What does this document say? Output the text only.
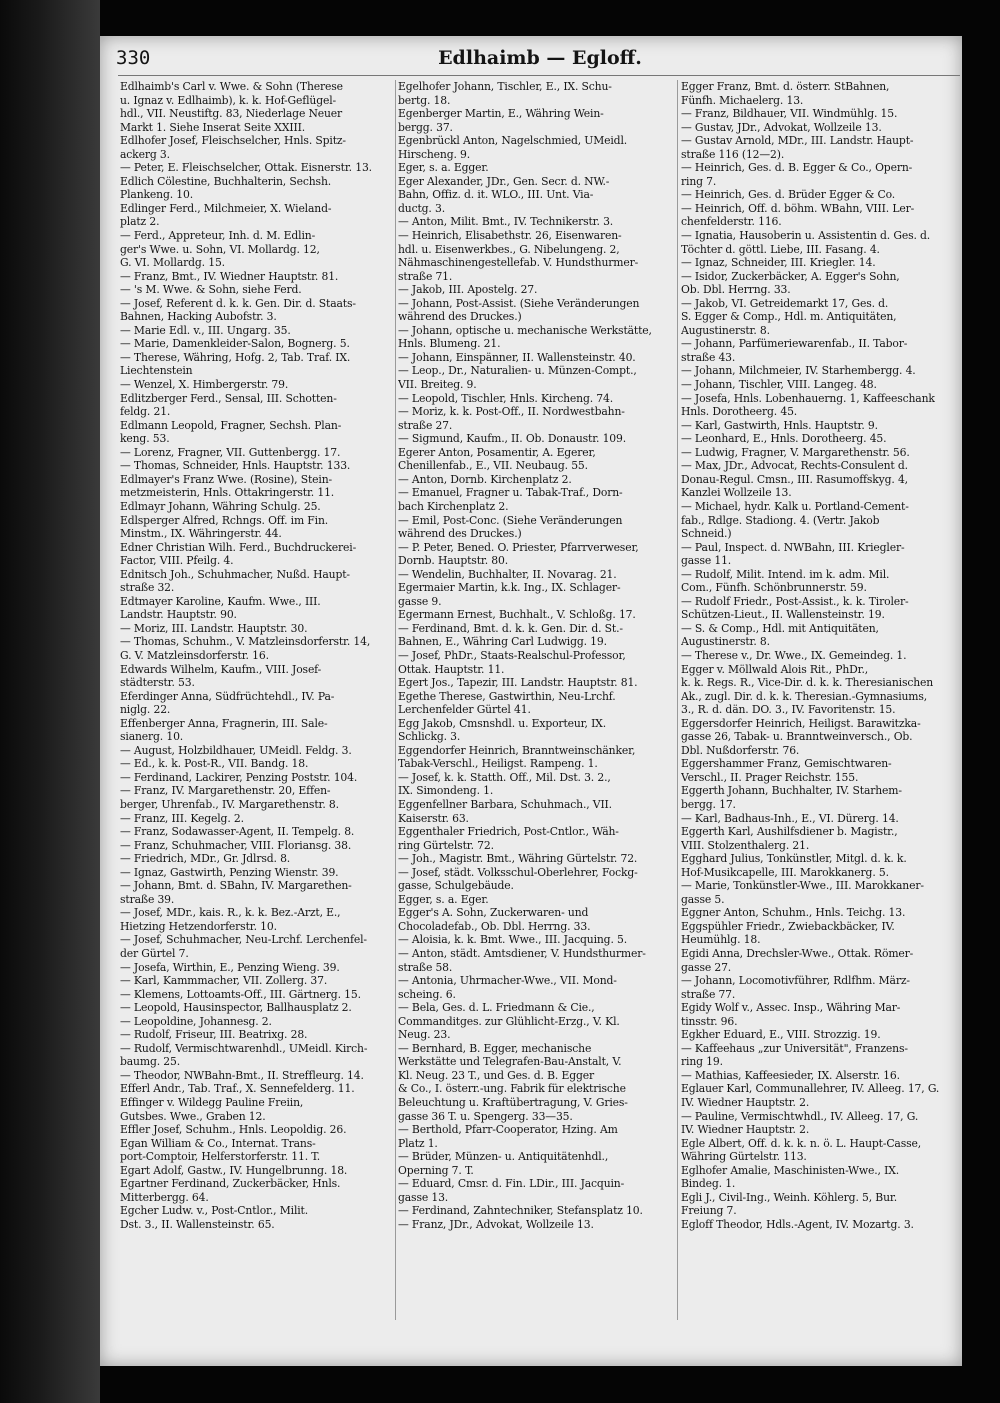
330	Edlhaimb — Egloff.
Edlhaimb's Carl v. Wwe. & Sohn (Therese
u. Ignaz v. Edlhaimb), k. k. Hof-Geflügel-
hdl., VII. Neustiftg. 83, Niederlage Neuer
Markt 1. Siehe Inserat Seite XXIII.
Edlhofer Josef, Fleischselcher, Hnls. Spitz-
ackerg 3.
— Peter, E. Fleischselcher, Ottak. Eisnerstr. 13.
Edlich Cölestine, Buchhalterin, Sechsh.
Plankeng. 10.
Edlinger Ferd., Milchmeier, X. Wieland-
platz 2.
— Ferd., Appreteur, Inh. d. M. Edlin-
ger's Wwe. u. Sohn, VI. Mollardg. 12,
G. VI. Mollardg. 15.
— Franz, Bmt., IV. Wiedner Hauptstr. 81.
— 's M. Wwe. & Sohn, siehe Ferd.
— Josef, Referent d. k. k. Gen. Dir. d. Staats-
Bahnen, Hacking Aubofstr. 3.
— Marie Edl. v., III. Ungarg. 35.
— Marie, Damenkleider-Salon, Bognerg. 5.
— Therese, Währing, Hofg. 2, Tab. Traf. IX.
Liechtenstein
— Wenzel, X. Himbergerstr. 79.
Edlitzberger Ferd., Sensal, III. Schotten-
feldg. 21.
Edlmann Leopold, Fragner, Sechsh. Plan-
keng. 53.
— Lorenz, Fragner, VII. Guttenbergg. 17.
— Thomas, Schneider, Hnls. Hauptstr. 133.
Edlmayer's Franz Wwe. (Rosine), Stein-
metzmeisterin, Hnls. Ottakringerstr. 11.
Edlmayr Johann, Währing Schulg. 25.
Edlsperger Alfred, Rchngs. Off. im Fin.
Minstm., IX. Währingerstr. 44.
Edner Christian Wilh. Ferd., Buchdruckerei-
Factor, VIII. Pfeilg. 4.
Ednitsch Joh., Schuhmacher, Nußd. Haupt-
straße 32.
Edtmayer Karoline, Kaufm. Wwe., III.
Landstr. Hauptstr. 90.
— Moriz, III. Landstr. Hauptstr. 30.
— Thomas, Schuhm., V. Matzleinsdorferstr. 14,
G. V. Matzleinsdorferstr. 16.
Edwards Wilhelm, Kaufm., VIII. Josef-
städterstr. 53.
Eferdinger Anna, Südfrüchtehdl., IV. Pa-
niglg. 22.
Effenberger Anna, Fragnerin, III. Sale-
sianerg. 10.
— August, Holzbildhauer, UMeidl. Feldg. 3.
— Ed., k. k. Post-R., VII. Bandg. 18.
— Ferdinand, Lackirer, Penzing Poststr. 104.
— Franz, IV. Margarethenstr. 20, Effen-
berger, Uhrenfab., IV. Margarethenstr. 8.
— Franz, III. Kegelg. 2.
— Franz, Sodawasser-Agent, II. Tempelg. 8.
— Franz, Schuhmacher, VIII. Floriansg. 38.
— Friedrich, MDr., Gr. Jdlrsd. 8.
— Ignaz, Gastwirth, Penzing Wienstr. 39.
— Johann, Bmt. d. SBahn, IV. Margarethen-
straße 39.
— Josef, MDr., kais. R., k. k. Bez.-Arzt, E.,
Hietzing Hetzendorferstr. 10.
— Josef, Schuhmacher, Neu-Lrchf. Lerchenfel-
der Gürtel 7.
— Josefa, Wirthin, E., Penzing Wieng. 39.
— Karl, Kammmacher, VII. Zollerg. 37.
— Klemens, Lottoamts-Off., III. Gärtnerg. 15.
— Leopold, Hausinspector, Ballhausplatz 2.
— Leopoldine, Johannesg. 2.
— Rudolf, Friseur, III. Beatrixg. 28.
— Rudolf, Vermischtwarenhdl., UMeidl. Kirch-
baumg. 25.
— Theodor, NWBahn-Bmt., II. Streffleurg. 14.
Efferl Andr., Tab. Traf., X. Sennefelderg. 11.
Effinger v. Wildegg Pauline Freiin,
Gutsbes. Wwe., Graben 12.
Effler Josef, Schuhm., Hnls. Leopoldig. 26.
Egan William & Co., Internat. Trans-
port-Comptoir, Helferstorferstr. 11. T.
Egart Adolf, Gastw., IV. Hungelbrunng. 18.
Egartner Ferdinand, Zuckerbäcker, Hnls.
Mitterbergg. 64.
Egcher Ludw. v., Post-Cntlor., Milit.
Dst. 3., II. Wallensteinstr. 65.
Egelhofer Johann, Tischler, E., IX. Schu-
bertg. 18.
Egenberger Martin, E., Währing Wein-
bergg. 37.
Egenbrückl Anton, Nagelschmied, UMeidl.
Hirscheng. 9.
Eger, s. a. Egger.
Eger Alexander, JDr., Gen. Secr. d. NW.-
Bahn, Offiz. d. it. WLO., III. Unt. Via-
ductg. 3.
— Anton, Milit. Bmt., IV. Technikerstr. 3.
— Heinrich, Elisabethstr. 26, Eisenwaren-
hdl. u. Eisenwerkbes., G. Nibelungeng. 2,
Nähmaschinengestellefab. V. Hundsthurmer-
straße 71.
— Jakob, III. Apostelg. 27.
— Johann, Post-Assist. (Siehe Veränderungen
während des Druckes.)
— Johann, optische u. mechanische Werkstätte,
Hnls. Blumeng. 21.
— Johann, Einspänner, II. Wallensteinstr. 40.
— Leop., Dr., Naturalien- u. Münzen-Compt.,
VII. Breiteg. 9.
— Leopold, Tischler, Hnls. Kircheng. 74.
— Moriz, k. k. Post-Off., II. Nordwestbahn-
straße 27.
— Sigmund, Kaufm., II. Ob. Donaustr. 109.
Egerer Anton, Posamentir, A. Egerer,
Chenillenfab., E., VII. Neubaug. 55.
— Anton, Dornb. Kirchenplatz 2.
— Emanuel, Fragner u. Tabak-Traf., Dorn-
bach Kirchenplatz 2.
— Emil, Post-Conc. (Siehe Veränderungen
während des Druckes.)
— P. Peter, Bened. O. Priester, Pfarrverweser,
Dornb. Hauptstr. 80.
— Wendelin, Buchhalter, II. Novarag. 21.
Egermaier Martin, k.k. Ing., IX. Schlager-
gasse 9.
Egermann Ernest, Buchhalt., V. Schloßg. 17.
— Ferdinand, Bmt. d. k. k. Gen. Dir. d. St.-
Bahnen, E., Währing Carl Ludwigg. 19.
— Josef, PhDr., Staats-Realschul-Professor,
Ottak. Hauptstr. 11.
Egert Jos., Tapezir, III. Landstr. Hauptstr. 81.
Egethe Therese, Gastwirthin, Neu-Lrchf.
Lerchenfelder Gürtel 41.
Egg Jakob, Cmsnshdl. u. Exporteur, IX.
Schlickg. 3.
Eggendorfer Heinrich, Branntweinschänker,
Tabak-Verschl., Heiligst. Rampeng. 1.
— Josef, k. k. Statth. Off., Mil. Dst. 3. 2.,
IX. Simondeng. 1.
Eggenfellner Barbara, Schuhmach., VII.
Kaiserstr. 63.
Eggenthaler Friedrich, Post-Cntlor., Wäh-
ring Gürtelstr. 72.
— Joh., Magistr. Bmt., Währing Gürtelstr. 72.
— Josef, städt. Volksschul-Oberlehrer, Fockg-
gasse, Schulgebäude.
Egger, s. a. Eger.
Egger's A. Sohn, Zuckerwaren- und
Chocoladefab., Ob. Dbl. Herrng. 33.
— Aloisia, k. k. Bmt. Wwe., III. Jacquing. 5.
— Anton, städt. Amtsdiener, V. Hundsthurmer-
straße 58.
— Antonia, Uhrmacher-Wwe., VII. Mond-
scheing. 6.
— Bela, Ges. d. L. Friedmann & Cie.,
Commanditges. zur Glühlicht-Erzg., V. Kl.
Neug. 23.
— Bernhard, B. Egger, mechanische
Werkstätte und Telegrafen-Bau-Anstalt, V.
Kl. Neug. 23 T., und Ges. d. B. Egger
& Co., I. österr.-ung. Fabrik für elektrische
Beleuchtung u. Kraftübertragung, V. Gries-
gasse 36 T. u. Spengerg. 33—35.
— Berthold, Pfarr-Cooperator, Hzing. Am
Platz 1.
— Brüder, Münzen- u. Antiquitätenhdl.,
Operning 7. T.
— Eduard, Cmsr. d. Fin. LDir., III. Jacquin-
gasse 13.
— Ferdinand, Zahntechniker, Stefansplatz 10.
— Franz, JDr., Advokat, Wollzeile 13.
Egger Franz, Bmt. d. österr. StBahnen,
Fünfh. Michaelerg. 13.
— Franz, Bildhauer, VII. Windmühlg. 15.
— Gustav, JDr., Advokat, Wollzeile 13.
— Gustav Arnold, MDr., III. Landstr. Haupt-
straße 116 (12—2).
— Heinrich, Ges. d. B. Egger & Co., Opern-
ring 7.
— Heinrich, Ges. d. Brüder Egger & Co.
— Heinrich, Off. d. böhm. WBahn, VIII. Ler-
chenfelderstr. 116.
— Ignatia, Hausoberin u. Assistentin d. Ges. d.
Töchter d. göttl. Liebe, III. Fasang. 4.
— Ignaz, Schneider, III. Kriegler. 14.
— Isidor, Zuckerbäcker, A. Egger's Sohn,
Ob. Dbl. Herrng. 33.
— Jakob, VI. Getreidemarkt 17, Ges. d.
S. Egger & Comp., Hdl. m. Antiquitäten,
Augustinerstr. 8.
— Johann, Parfümeriewarenfab., II. Tabor-
straße 43.
— Johann, Milchmeier, IV. Starhembergg. 4.
— Johann, Tischler, VIII. Langeg. 48.
— Josefa, Hnls. Lobenhauerng. 1, Kaffeeschank
Hnls. Dorotheerg. 45.
— Karl, Gastwirth, Hnls. Hauptstr. 9.
— Leonhard, E., Hnls. Dorotheerg. 45.
— Ludwig, Fragner, V. Margarethenstr. 56.
— Max, JDr., Advocat, Rechts-Consulent d.
Donau-Regul. Cmsn., III. Rasumoffskyg. 4,
Kanzlei Wollzeile 13.
— Michael, hydr. Kalk u. Portland-Cement-
fab., Rdlge. Stadiong. 4. (Vertr. Jakob
Schneid.)
— Paul, Inspect. d. NWBahn, III. Kriegler-
gasse 11.
— Rudolf, Milit. Intend. im k. adm. Mil.
Com., Fünfh. Schönbrunnerstr. 59.
— Rudolf Friedr., Post-Assist., k. k. Tiroler-
Schützen-Lieut., II. Wallensteinstr. 19.
— S. & Comp., Hdl. mit Antiquitäten,
Augustinerstr. 8.
— Therese v., Dr. Wwe., IX. Gemeindeg. 1.
Egger v. Möllwald Alois Rit., PhDr.,
k. k. Regs. R., Vice-Dir. d. k. k. Theresianischen
Ak., zugl. Dir. d. k. k. Theresian.-Gymnasiums,
3., R. d. dän. DO. 3., IV. Favoritenstr. 15.
Eggersdorfer Heinrich, Heiligst. Barawitzka-
gasse 26, Tabak- u. Branntweinversch., Ob.
Dbl. Nußdorferstr. 76.
Eggershammer Franz, Gemischtwaren-
Verschl., II. Prager Reichstr. 155.
Eggerth Johann, Buchhalter, IV. Starhem-
bergg. 17.
— Karl, Badhaus-Inh., E., VI. Dürerg. 14.
Eggerth Karl, Aushilfsdiener b. Magistr.,
VIII. Stolzenthalerg. 21.
Egghard Julius, Tonkünstler, Mitgl. d. k. k.
Hof-Musikcapelle, III. Marokkanerg. 5.
— Marie, Tonkünstler-Wwe., III. Marokkaner-
gasse 5.
Eggner Anton, Schuhm., Hnls. Teichg. 13.
Eggspühler Friedr., Zwiebackbäcker, IV.
Heumühlg. 18.
Egidi Anna, Drechsler-Wwe., Ottak. Römer-
gasse 27.
— Johann, Locomotivführer, Rdlfhm. März-
straße 77.
Egidy Wolf v., Assec. Insp., Währing Mar-
tinsstr. 96.
Egkher Eduard, E., VIII. Strozzig. 19.
— Kaffeehaus „zur Universität", Franzens-
ring 19.
— Mathias, Kaffeesieder, IX. Alserstr. 16.
Eglauer Karl, Communallehrer, IV. Alleeg. 17, G.
IV. Wiedner Hauptstr. 2.
— Pauline, Vermischtwhdl., IV. Alleeg. 17, G.
IV. Wiedner Hauptstr. 2.
Egle Albert, Off. d. k. k. n. ö. L. Haupt-Casse,
Währing Gürtelstr. 113.
Eglhofer Amalie, Maschinisten-Wwe., IX.
Bindeg. 1.
Egli J., Civil-Ing., Weinh. Köhlerg. 5, Bur.
Freiung 7.
Egloff Theodor, Hdls.-Agent, IV. Mozartg. 3.
